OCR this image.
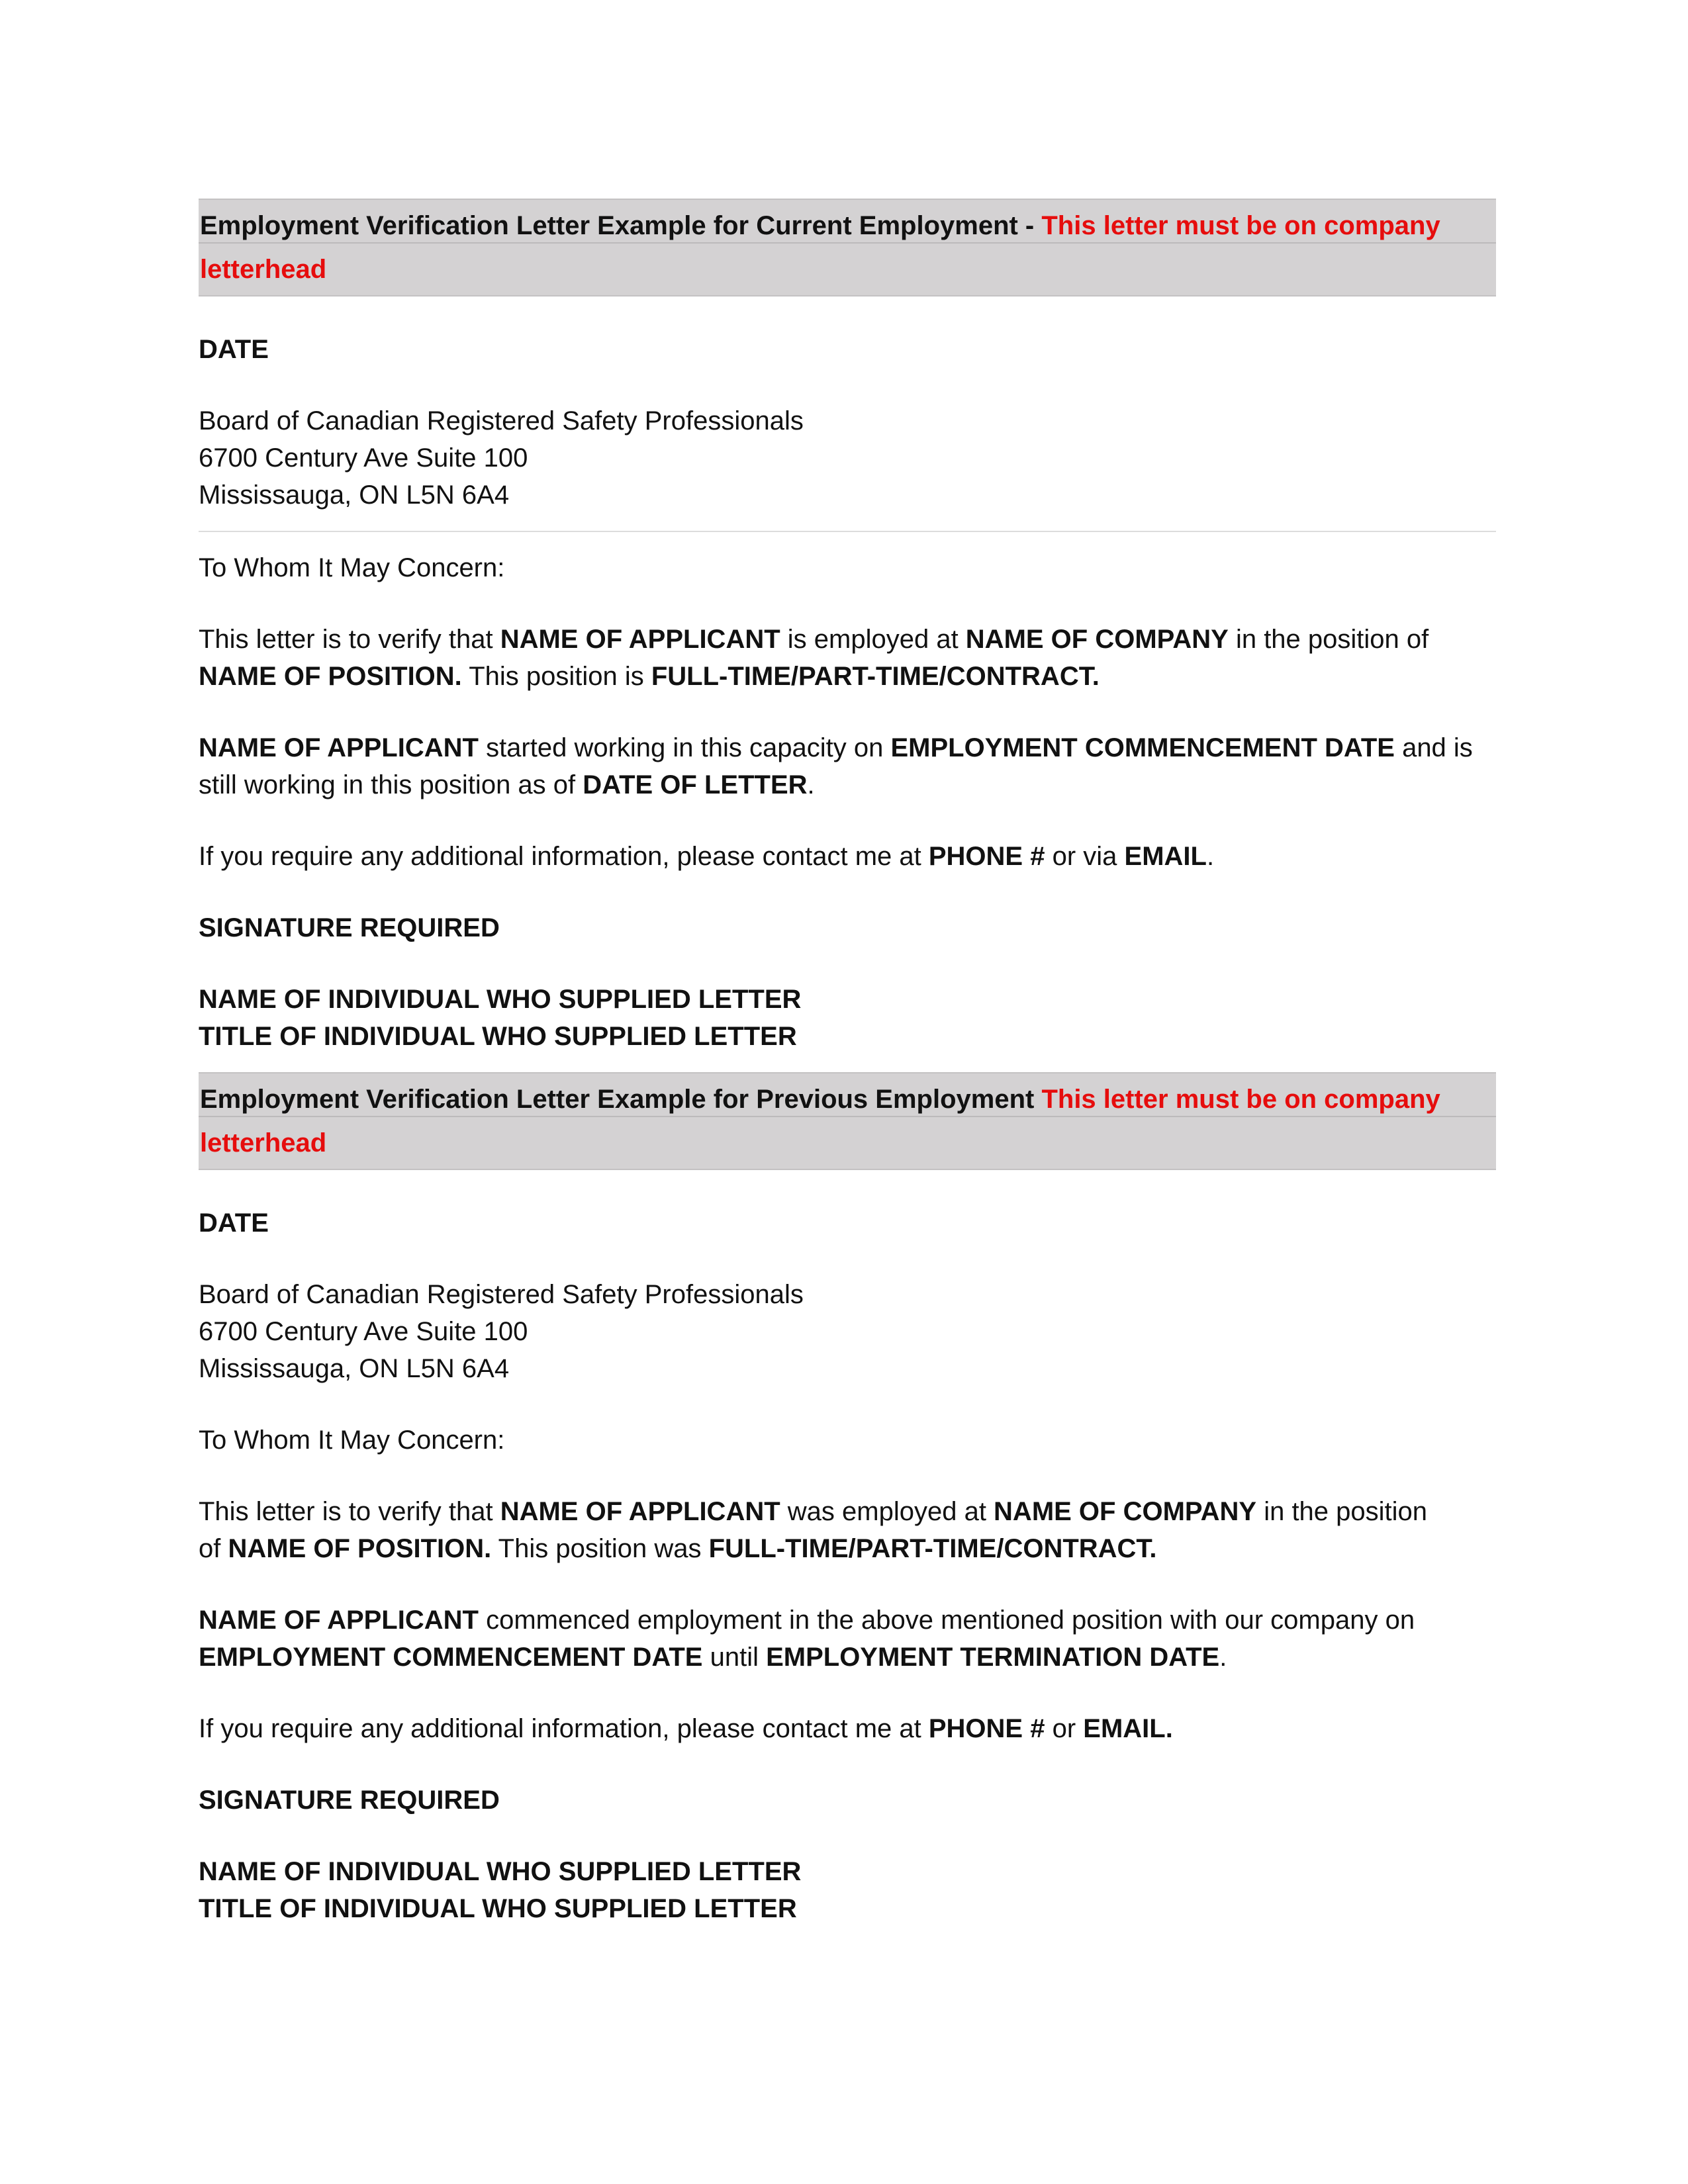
Employment Verification Letter Example for Current Employment - This letter must be on company
letterhead

DATE

Board of Canadian Registered Safety Professionals

6700 Century Ave Suite 100

Mississauga, ON L5N 6A4

To Whom It May Concern:

This letter is to verify that NAME OF APPLICANT is employed at NAME OF COMPANY in the position of

NAME OF POSITION. This position is FULL-TIME/PART-TIME/CONTRACT.

NAME OF APPLICANT started working in this capacity on EMPLOYMENT COMMENCEMENT DATE and is

still working in this position as of DATE OF LETTER.

If you require any additional information, please contact me at PHONE # or via EMAIL.

SIGNATURE REQUIRED

NAME OF INDIVIDUAL WHO SUPPLIED LETTER

TITLE OF INDIVIDUAL WHO SUPPLIED LETTER

Employment Verification Letter Example for Previous Employment This letter must be on company
letterhead

DATE

Board of Canadian Registered Safety Professionals

6700 Century Ave Suite 100

Mississauga, ON L5N 6A4

To Whom It May Concern:

This letter is to verify that NAME OF APPLICANT was employed at NAME OF COMPANY in the position

of NAME OF POSITION. This position was FULL-TIME/PART-TIME/CONTRACT.

NAME OF APPLICANT commenced employment in the above mentioned position with our company on

EMPLOYMENT COMMENCEMENT DATE until EMPLOYMENT TERMINATION DATE.

If you require any additional information, please contact me at PHONE # or EMAIL.

SIGNATURE REQUIRED

NAME OF INDIVIDUAL WHO SUPPLIED LETTER

TITLE OF INDIVIDUAL WHO SUPPLIED LETTER
